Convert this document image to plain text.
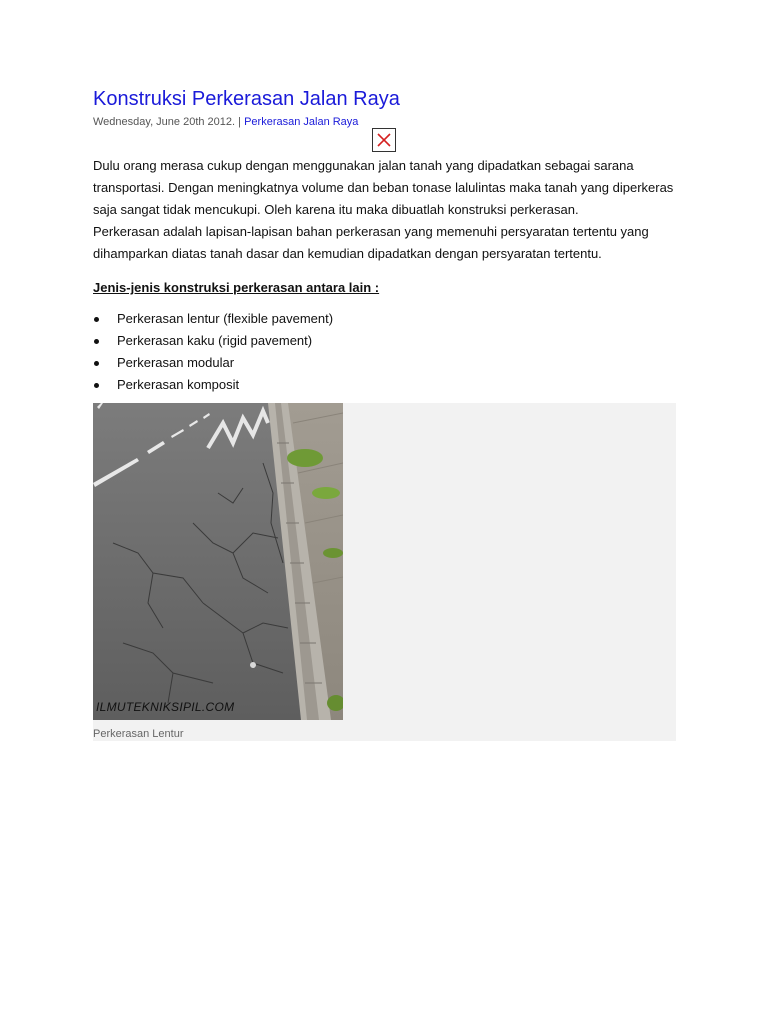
Konstruksi Perkerasan Jalan Raya
Wednesday, June 20th 2012. | Perkerasan Jalan Raya

Dulu orang merasa cukup dengan menggunakan jalan tanah yang dipadatkan sebagai sarana transportasi. Dengan meningkatnya volume dan beban tonase lalulintas maka tanah yang diperkeras saja sangat tidak mencukupi. Oleh karena itu maka dibuatlah konstruksi perkerasan.

Perkerasan adalah lapisan-lapisan bahan perkerasan yang memenuhi persyaratan tertentu yang dihamparkan diatas tanah dasar dan kemudian dipadatkan dengan persyaratan tertentu.

Jenis-jenis konstruksi perkerasan antara lain :
Perkerasan lentur (flexible pavement)
Perkerasan kaku (rigid pavement)
Perkerasan modular
Perkerasan komposit
ILMUTEKNIKSIPIL.COM
Perkerasan Lentur
